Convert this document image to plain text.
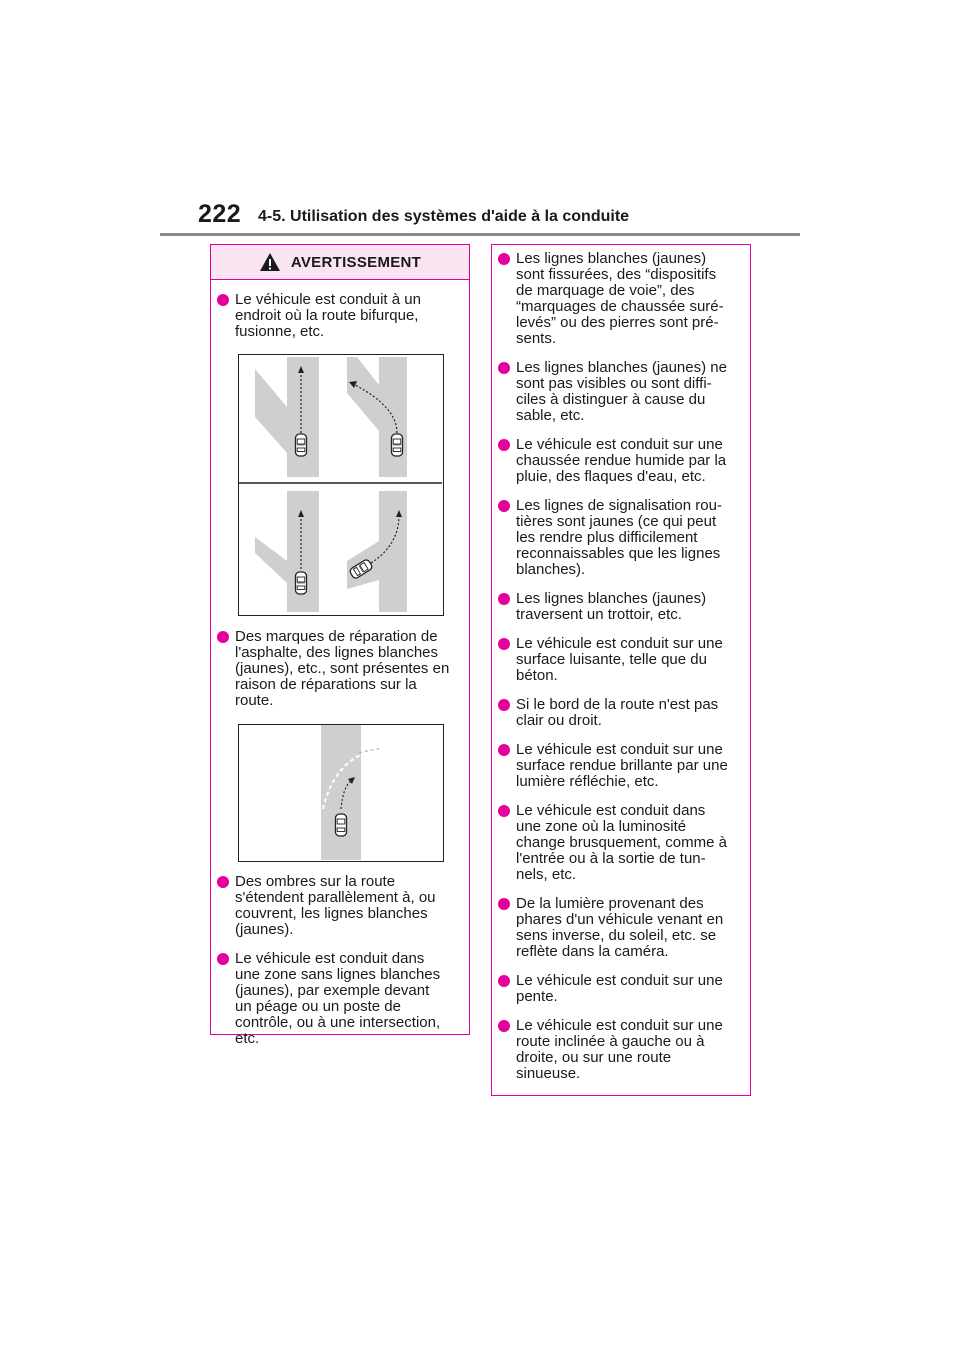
222 4-5. Utilisation des systèmes d'aide à la conduite
AVERTISSEMENT
Le véhicule est conduit à un
endroit où la route bifurque,
fusionne, etc.
Des marques de réparation de
l'asphalte, des lignes blanches
(jaunes), etc., sont présentes en
raison de réparations sur la
route.
Des ombres sur la route
s'étendent parallèlement à, ou
couvrent, les lignes blanches
(jaunes).
Le véhicule est conduit dans
une zone sans lignes blanches
(jaunes), par exemple devant
un péage ou un poste de
contrôle, ou à une intersection,
etc.
Les lignes blanches (jaunes)
sont fissurées, des “dispositifs
de marquage de voie”, des
“marquages de chaussée suré-
levés” ou des pierres sont pré-
sents.
Les lignes blanches (jaunes) ne
sont pas visibles ou sont diffi-
ciles à distinguer à cause du
sable, etc.
Le véhicule est conduit sur une
chaussée rendue humide par la
pluie, des flaques d'eau, etc.
Les lignes de signalisation rou-
tières sont jaunes (ce qui peut
les rendre plus difficilement
reconnaissables que les lignes
blanches).
Les lignes blanches (jaunes)
traversent un trottoir, etc.
Le véhicule est conduit sur une
surface luisante, telle que du
béton.
Si le bord de la route n'est pas
clair ou droit.
Le véhicule est conduit sur une
surface rendue brillante par une
lumière réfléchie, etc.
Le véhicule est conduit dans
une zone où la luminosité
change brusquement, comme à
l'entrée ou à la sortie de tun-
nels, etc.
De la lumière provenant des
phares d'un véhicule venant en
sens inverse, du soleil, etc. se
reflète dans la caméra.
Le véhicule est conduit sur une
pente.
Le véhicule est conduit sur une
route inclinée à gauche ou à
droite, ou sur une route
sinueuse.
